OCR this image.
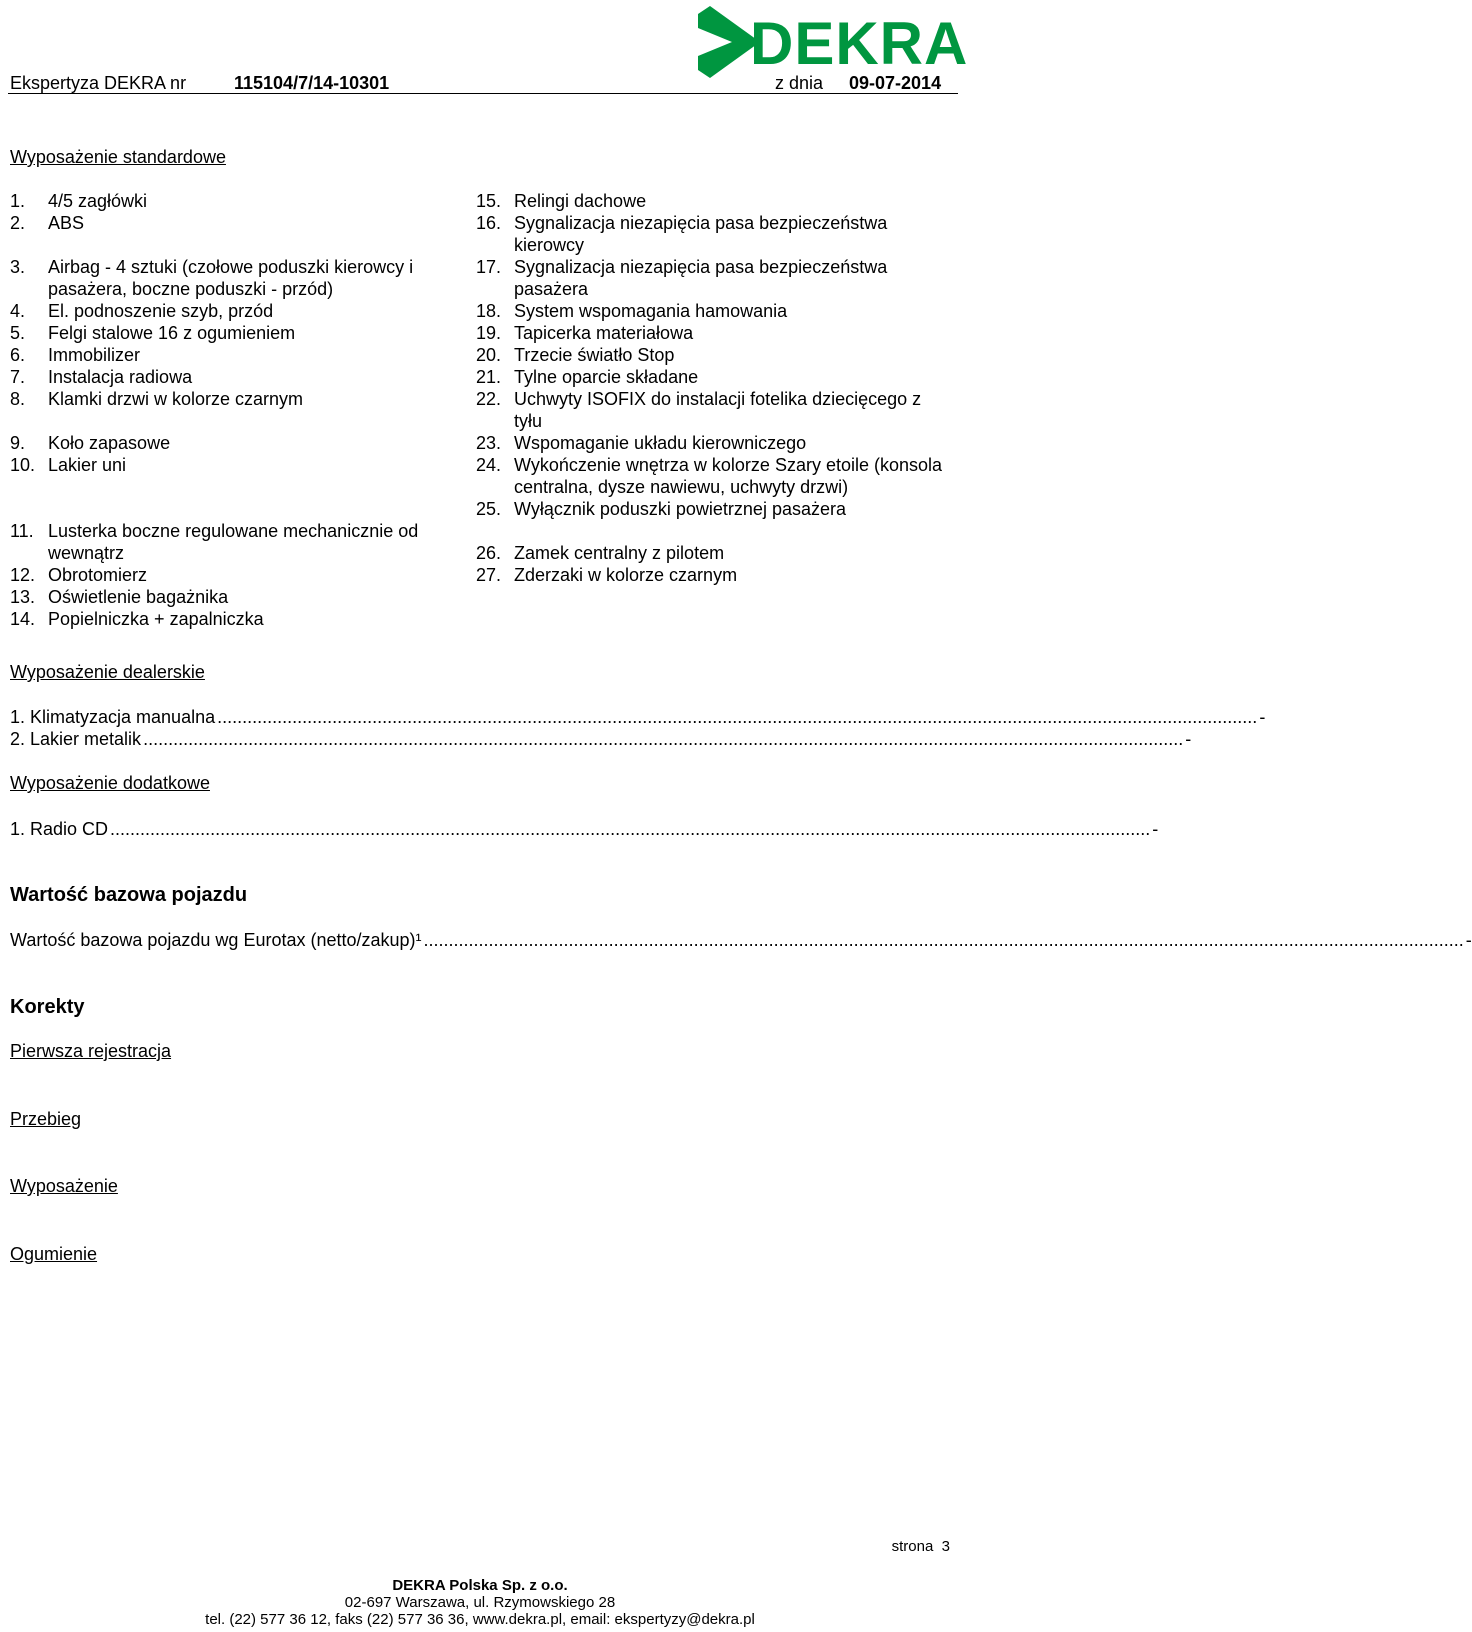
Ekspertyza DEKRA nr	115104/7/14-10301	z dnia 09-07-2014
DEKRA
Wyposażenie standardowe
1. 4/5 zagłówki
2. ABS
3. Airbag - 4 sztuki (czołowe poduszki kierowcy i pasażera, boczne poduszki - przód)
4. El. podnoszenie szyb, przód
5. Felgi stalowe 16 z ogumieniem
6. Immobilizer
7. Instalacja radiowa
8. Klamki drzwi w kolorze czarnym
9. Koło zapasowe
10. Lakier uni
11. Lusterka boczne regulowane mechanicznie od wewnątrz
12. Obrotomierz
13. Oświetlenie bagażnika
14. Popielniczka + zapalniczka
15. Relingi dachowe
16. Sygnalizacja niezapięcia pasa bezpieczeństwa kierowcy
17. Sygnalizacja niezapięcia pasa bezpieczeństwa pasażera
18. System wspomagania hamowania
19. Tapicerka materiałowa
20. Trzecie światło Stop
21. Tylne oparcie składane
22. Uchwyty ISOFIX do instalacji fotelika dziecięcego z tyłu
23. Wspomaganie układu kierowniczego
24. Wykończenie wnętrza w kolorze Szary etoile (konsola centralna, dysze nawiewu, uchwyty drzwi)
25. Wyłącznik poduszki powietrznej pasażera
26. Zamek centralny z pilotem
27. Zderzaki w kolorze czarnym
Wyposażenie dealerskie
1. Klimatyzacja manualna ................................................................................................................................................................................................................ -
2. Lakier metalik ................................................................................................................................................................................................................ -
Wyposażenie dodatkowe
1. Radio CD ................................................................................................................................................................................................................ -
Wartość bazowa pojazdu
Wartość bazowa pojazdu wg Eurotax (netto/zakup)¹ ................................................................................................................................................................................................................ -
Korekty
Pierwsza rejestracja
Przebieg
Wyposażenie
Ogumienie
strona 3
DEKRA Polska Sp. z o.o.
02-697 Warszawa, ul. Rzymowskiego 28
tel. (22) 577 36 12, faks (22) 577 36 36, www.dekra.pl, email: ekspertyzy@dekra.pl
